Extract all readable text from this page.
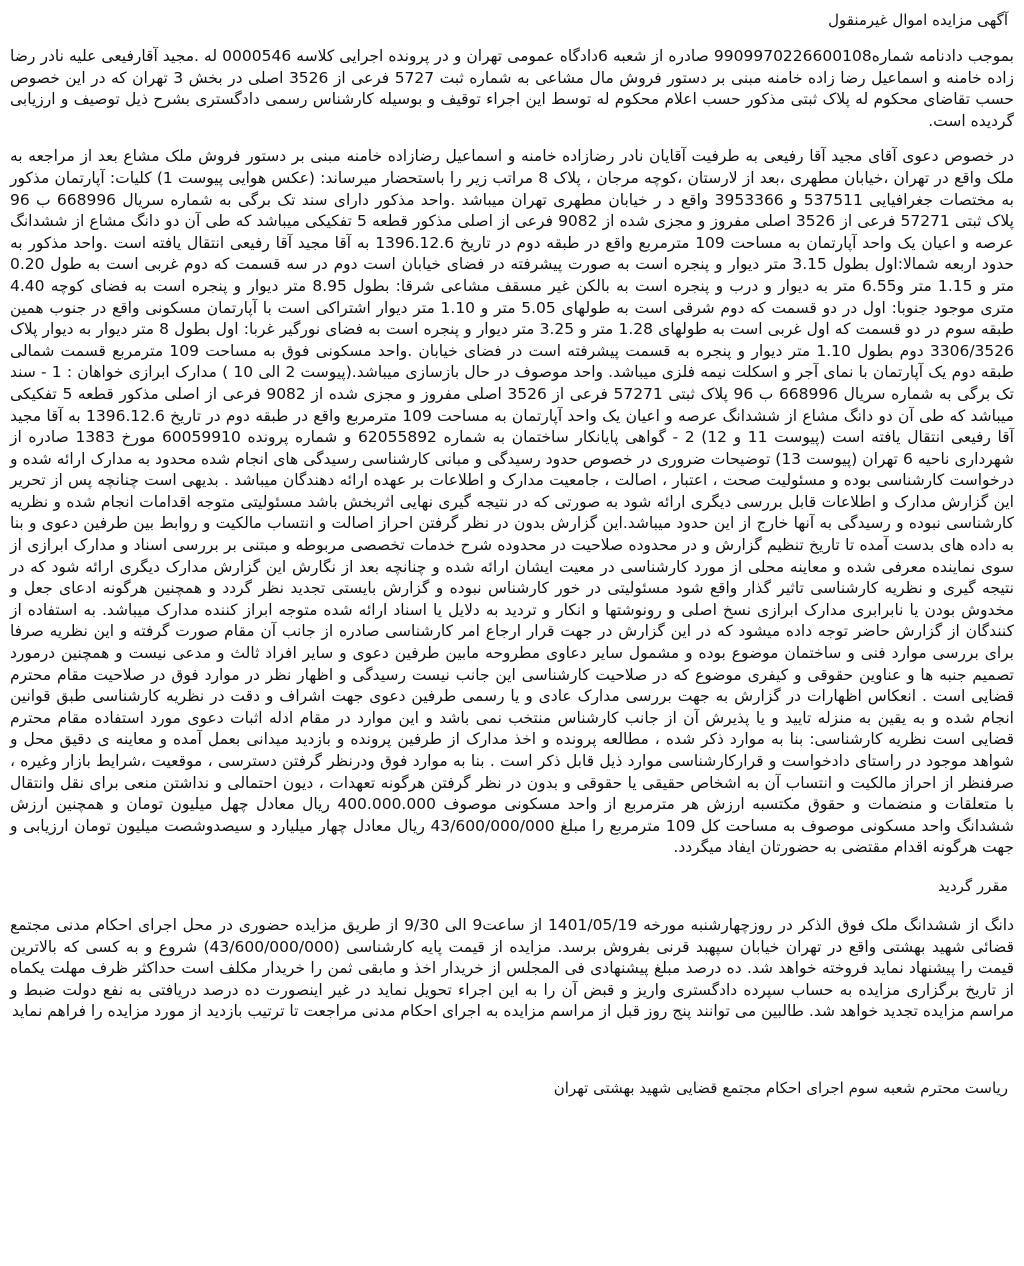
آگهی مزایده اموال غیرمنقول

بموجب دادنامه شماره9909970226600108 صادره از شعبه 6دادگاه عمومی تهران و در پرونده اجرایی کلاسه 0000546 له .مجید آقارفیعی علیه نادر رضا زاده خامنه و اسماعیل رضا زاده خامنه مبنی بر دستور فروش مال مشاعی به شماره ثبت 5727 فرعی از 3526 اصلی در بخش 3 تهران که در این خصوص حسب تقاضای محکوم له پلاک ثبتی مذکور حسب اعلام محکوم له توسط این اجراء توقیف و بوسیله کارشناس رسمی دادگستری بشرح ذیل توصیف و ارزیابی گردیده است.

در خصوص دعوی آقای مجید آقا رفیعی به طرفیت آقایان نادر رضازاده خامنه و اسماعیل رضازاده خامنه مبنی بر دستور فروش ملک مشاع بعد از مراجعه به ملک واقع در تهران ،خیابان مطهری ،بعد از لارستان ،کوچه مرجان ، پلاک 8 مراتب زیر را باستحضار میرساند: (عکس هوایی پیوست 1) کلیات: آپارتمان مذکور به مختصات جغرافیایی 537511 و 3953366 واقع د ر خیابان مطهری تهران میباشد .واحد مذکور دارای سند تک برگی به شماره سریال 668996 ب 96 پلاک ثبتی 57271 فرعی از 3526 اصلی مفروز و مجزی شده از 9082 فرعی از اصلی مذکور قطعه 5 تفکیکی میباشد که طی آن دو دانگ مشاع از ششدانگ عرصه و اعیان یک واحد آپارتمان به مساحت 109 مترمربع واقع در طبقه دوم در تاریخ 1396.12.6 به آقا مجید آقا رفیعی انتقال یافته است .واحد مذکور به حدود اربعه شمالا:اول بطول 3.15 متر دیوار و پنجره است به صورت پیشرفته در فضای خیابان است دوم در سه قسمت که دوم غربی است به طول 0.20 متر و 1.15 متر و6.55 متر به دیوار و درب و پنجره است به بالکن غیر مسقف مشاعی شرقا: بطول 8.95 متر دیوار و پنجره است به فضای کوچه 4.40 متری موجود جنوبا: اول در دو قسمت که دوم شرقی است به طولهای 5.05 متر و 1.10 متر دیوار اشتراکی است با آپارتمان مسکونی واقع در جنوب همین طبقه سوم در دو قسمت که اول غربی است به طولهای 1.28 متر و 3.25 متر دیوار و پنجره است به فضای نورگیر غربا: اول بطول 8 متر دیوار به دیوار پلاک 3306/3526 دوم بطول 1.10 متر دیوار و پنجره به قسمت پیشرفته است در فضای خیابان .واحد مسکونی فوق به مساحت 109 مترمربع قسمت شمالی طبقه دوم یک آپارتمان با نمای آجر و اسکلت نیمه فلزی میباشد. واحد موصوف در حال بازسازی میباشد.(پیوست 2 الی 10 ) مدارک ابرازی خواهان : 1 - سند تک برگی به شماره سریال 668996 ب 96 پلاک ثبتی 57271 فرعی از 3526 اصلی مفروز و مجزی شده از 9082 فرعی از اصلی مذکور قطعه 5 تفکیکی میباشد که طی آن دو دانگ مشاع از ششدانگ عرصه و اعیان یک واحد آپارتمان به مساحت 109 مترمربع واقع در طبقه دوم در تاریخ 1396.12.6 به آقا مجید آقا رفیعی انتقال یافته است (پیوست 11 و 12) 2 - گواهی پایانکار ساختمان به شماره 62055892 و شماره پرونده 60059910 مورخ 1383 صادره از شهرداری ناحیه 6 تهران (پیوست 13) توضیحات ضروری در خصوص حدود رسیدگی و مبانی کارشناسی رسیدگی های انجام شده محدود به مدارک ارائه شده و درخواست کارشناسی بوده و مسئولیت صحت ، اعتبار ، اصالت ، جامعیت مدارک و اطلاعات بر عهده ارائه دهندگان میباشد . بدیهی است چنانچه پس از تحریر این گزارش مدارک و اطلاعات قابل بررسی دیگری ارائه شود به صورتی که در نتیجه گیری نهایی اثربخش باشد مسئولیتی متوجه اقدامات انجام شده و نظریه کارشناسی نبوده و رسیدگی به آنها خارج از این حدود میباشد.این گزارش بدون در نظر گرفتن احراز اصالت و انتساب مالکیت و روابط بین طرفین دعوی و بنا به داده های بدست آمده تا تاریخ تنظیم گزارش و در محدوده صلاحیت در محدوده شرح خدمات تخصصی مربوطه و مبتنی بر بررسی اسناد و مدارک ابرازی از سوی نماینده معرفی شده و معاینه محلی از مورد کارشناسی در معیت ایشان ارائه شده و چنانچه بعد از نگارش این گزارش مدارک دیگری ارائه شود که در نتیجه گیری و نظریه کارشناسی تاثیر گذار واقع شود مسئولیتی در خور کارشناس نبوده و گزارش بایستی تجدید نظر گردد و همچنین هرگونه ادعای جعل و مخدوش بودن یا نابرابری مدارک ابرازی نسخ اصلی و رونوشتها و انکار و تردید به دلایل یا اسناد ارائه شده متوجه ابراز کننده مدارک میباشد. به استفاده از کنندگان از گزارش حاضر توجه داده میشود که در این گزارش در جهت قرار ارجاع امر کارشناسی صادره از جانب آن مقام صورت گرفته و این نظریه صرفا برای بررسی موارد فنی و ساختمان موضوع بوده و مشمول سایر دعاوی مطروحه مابین طرفین دعوی و سایر افراد ثالث و مدعی نیست و همچنین درمورد تصمیم جنبه ها و عناوین حقوقی و کیفری موضوع که در صلاحیت کارشناسی این جانب نیست رسیدگی و اظهار نظر در موارد فوق در صلاحیت مقام محترم قضایی است . انعکاس اظهارات در گزارش به جهت بررسی مدارک عادی و یا رسمی طرفین دعوی جهت اشراف و دقت در نظریه کارشناسی طبق قوانین انجام شده و به یقین به منزله تایید و یا پذیرش آن از جانب کارشناس منتخب نمی باشد و این موارد در مقام ادله اثبات دعوی مورد استفاده مقام محترم قضایی است نظریه کارشناسی: بنا به موارد ذکر شده ، مطالعه پرونده و اخذ مدارک از طرفین پرونده و بازدید میدانی بعمل آمده و معاینه ی دقیق محل و شواهد موجود در راستای دادخواست و قرارکارشناسی موارد ذیل قابل ذکر است . بنا به موارد فوق ودرنظر گرفتن دسترسی ، موقعیت ،شرایط بازار وغیره ، صرفنظر از احراز مالکیت و انتساب آن به اشخاص حقیقی یا حقوقی و بدون در نظر گرفتن هرگونه تعهدات ، دیون احتمالی و نداشتن منعی برای نقل وانتقال با متعلقات و منضمات و حقوق مکتسبه ارزش هر مترمربع از واحد مسکونی موصوف 400.000.000 ریال معادل چهل میلیون تومان و همچنین ارزش ششدانگ واحد مسکونی موصوف به مساحت کل 109 مترمربع را مبلغ 43/600/000/000 ریال معادل چهار میلیارد و سیصدوشصت میلیون تومان ارزیابی و جهت هرگونه اقدام مقتضی به حضورتان ایفاد میگردد.

مقرر گردید

دانگ از ششدانگ ملک فوق الذکر در روزچهارشنبه مورخه 1401/05/19 از ساعت9 الی 9/30 از طریق مزایده حضوری در محل اجرای احکام مدنی مجتمع قضائی شهید بهشتی واقع در تهران خیابان سپهبد قرنی بفروش برسد. مزایده از قیمت پایه کارشناسی (43/600/000/000) شروع و به کسی که بالاترین قیمت را پیشنهاد نماید فروخته خواهد شد. ده درصد مبلغ پیشنهادی فی المجلس از خریدار اخذ و مابقی ثمن را خریدار مکلف است حداکثر ظرف مهلت یکماه از تاریخ برگزاری مزایده به حساب سپرده دادگستری واریز و قبض آن را به این اجراء تحویل نماید در غیر اینصورت ده درصد دریافتی به نفع دولت ضبط و مراسم مزایده تجدید خواهد شد. طالبین می توانند پنج روز قبل از مراسم مزایده به اجرای احکام مدنی مراجعت تا ترتیب بازدید از مورد مزایده را فراهم نماید

ریاست محترم شعبه سوم اجرای احکام مجتمع قضایی شهید بهشتی تهران
